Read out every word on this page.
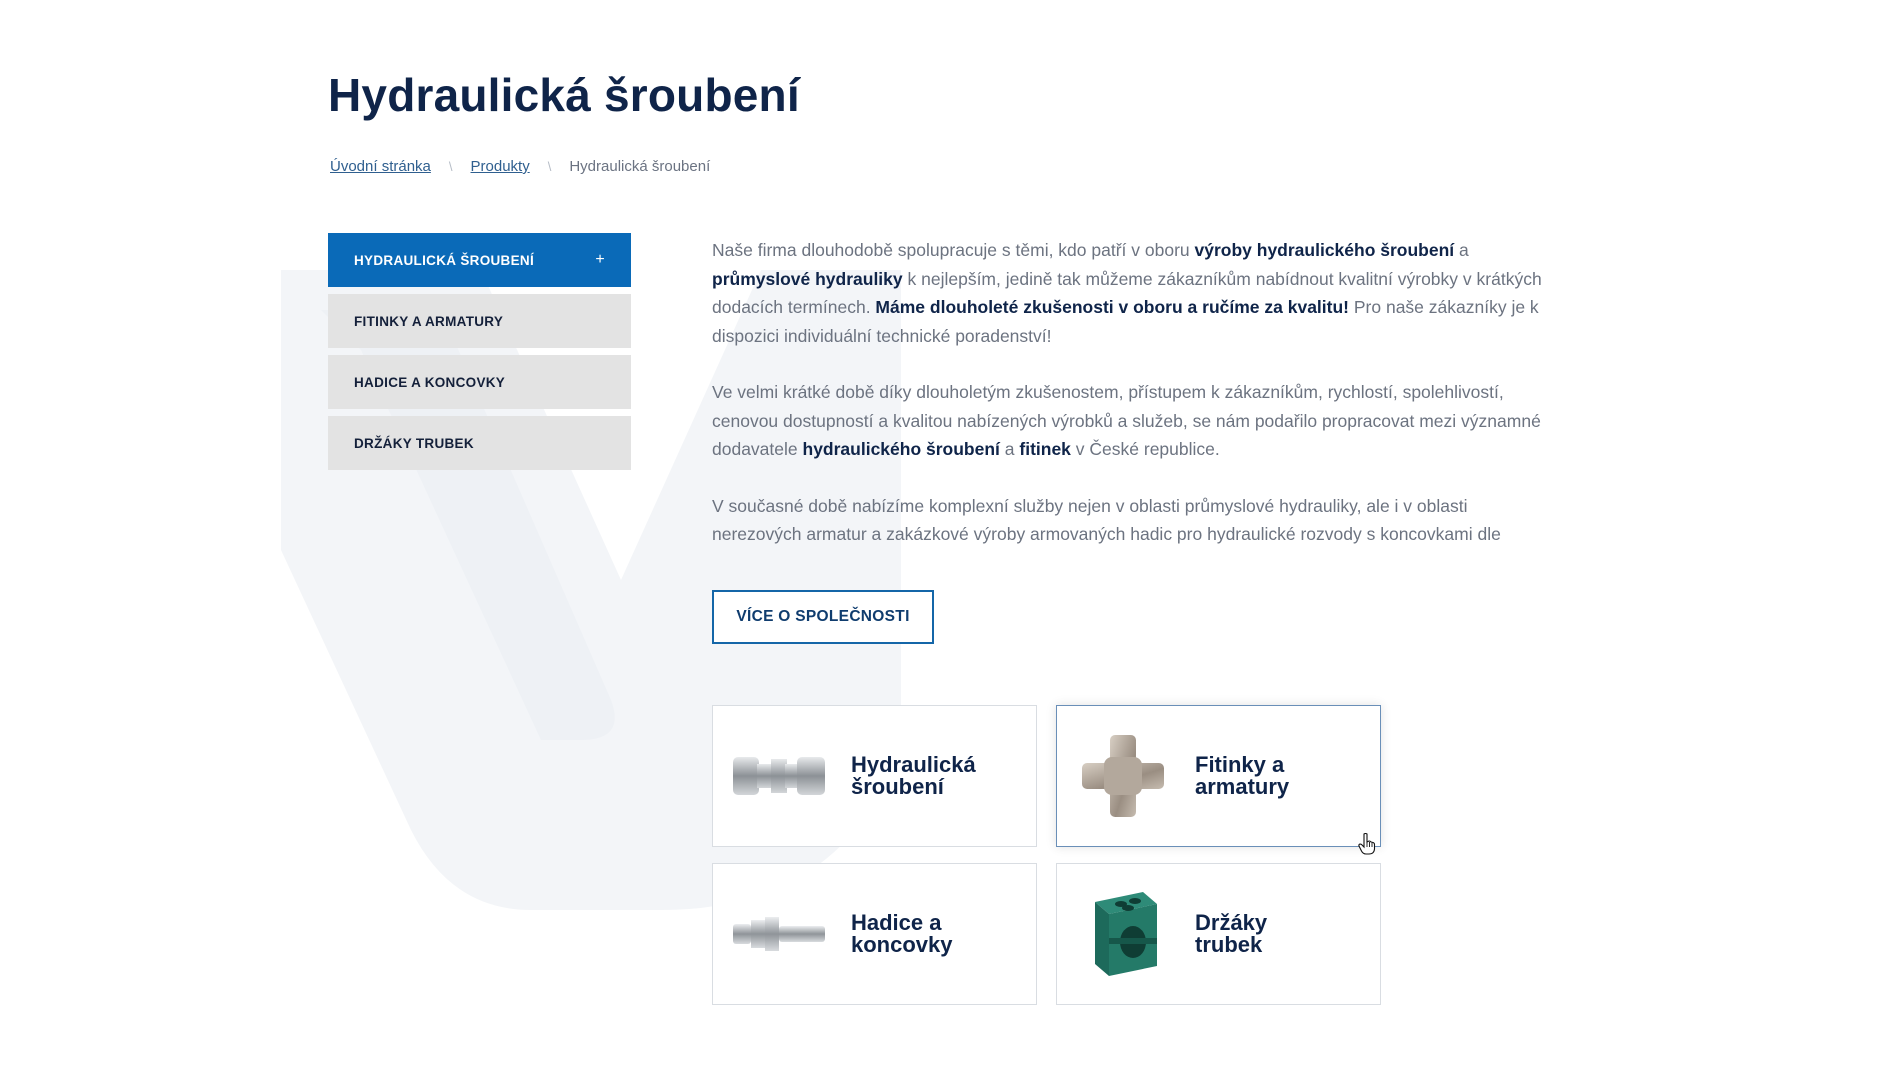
Hydraulická šroubení
Úvodní stránka \ Produkty \ Hydraulická šroubení
HYDRAULICKÁ ŠROUBENÍ	+
FITINKY A ARMATURY
HADICE A KONCOVKY
DRŽÁKY TRUBEK

Naše firma dlouhodobě spolupracuje s těmi, kdo patří v oboru výroby hydraulického šroubení a průmyslové hydrauliky k nejlepším, jedině tak můžeme zákazníkům nabídnout kvalitní výrobky v krátkých dodacích termínech. Máme dlouholeté zkušenosti v oboru a ručíme za kvalitu! Pro naše zákazníky je k dispozici individuální technické poradenství!

Ve velmi krátké době díky dlouholetým zkušenostem, přístupem k zákazníkům, rychlostí, spolehlivostí, cenovou dostupností a kvalitou nabízených výrobků a služeb, se nám podařilo propracovat mezi významné dodavatele hydraulického šroubení a fitinek v České republice.

V současné době nabízíme komplexní služby nejen v oblasti průmyslové hydrauliky, ale i v oblasti nerezových armatur a zakázkové výroby armovaných hadic pro hydraulické rozvody s koncovkami dle

VÍCE O SPOLEČNOSTI
Hydraulická
šroubení
Fitinky a
armatury
Hadice a
koncovky
Držáky
trubek
